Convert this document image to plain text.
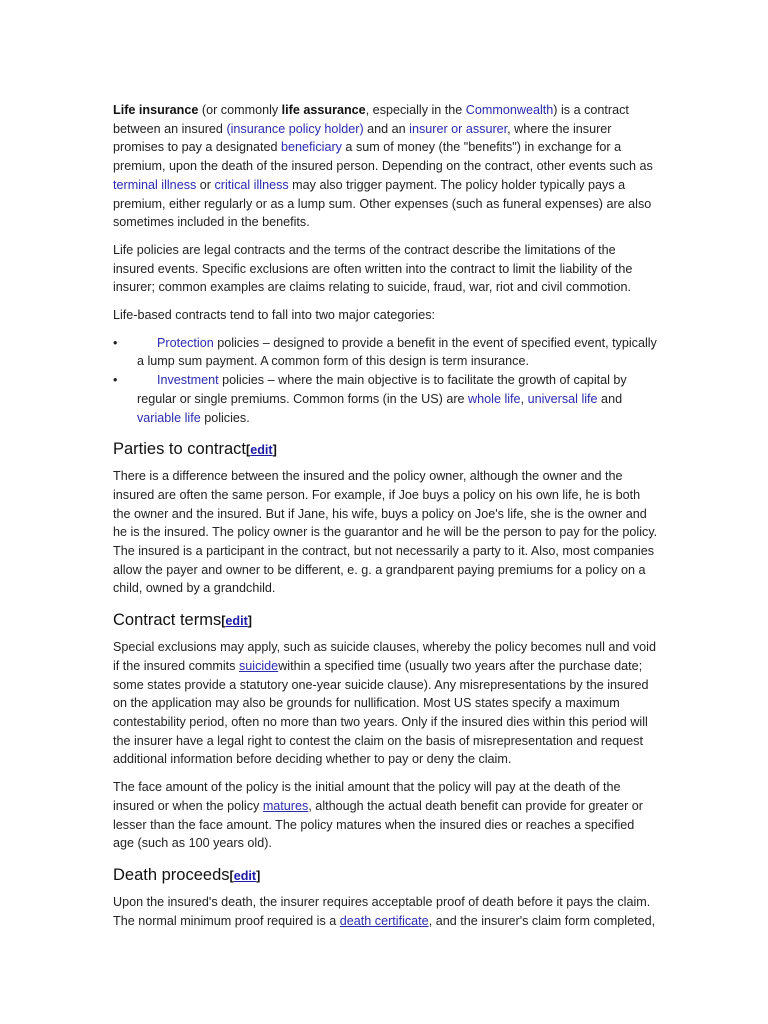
Life insurance (or commonly life assurance, especially in the Commonwealth) is a contract between an insured (insurance policy holder) and an insurer or assurer, where the insurer promises to pay a designated beneficiary a sum of money (the "benefits") in exchange for a premium, upon the death of the insured person. Depending on the contract, other events such as terminal illness or critical illness may also trigger payment. The policy holder typically pays a premium, either regularly or as a lump sum. Other expenses (such as funeral expenses) are also sometimes included in the benefits.

Life policies are legal contracts and the terms of the contract describe the limitations of the insured events. Specific exclusions are often written into the contract to limit the liability of the insurer; common examples are claims relating to suicide, fraud, war, riot and civil commotion.

Life-based contracts tend to fall into two major categories:

•	Protection policies – designed to provide a benefit in the event of specified event, typically a lump sum payment. A common form of this design is term insurance.
•	Investment policies – where the main objective is to facilitate the growth of capital by regular or single premiums. Common forms (in the US) are whole life, universal life and variable life policies.
Parties to contract[edit]

There is a difference between the insured and the policy owner, although the owner and the insured are often the same person. For example, if Joe buys a policy on his own life, he is both the owner and the insured. But if Jane, his wife, buys a policy on Joe's life, she is the owner and he is the insured. The policy owner is the guarantor and he will be the person to pay for the policy. The insured is a participant in the contract, but not necessarily a party to it. Also, most companies allow the payer and owner to be different, e. g. a grandparent paying premiums for a policy on a child, owned by a grandchild.

Contract terms[edit]

Special exclusions may apply, such as suicide clauses, whereby the policy becomes null and void if the insured commits suicidewithin a specified time (usually two years after the purchase date; some states provide a statutory one-year suicide clause). Any misrepresentations by the insured on the application may also be grounds for nullification. Most US states specify a maximum contestability period, often no more than two years. Only if the insured dies within this period will the insurer have a legal right to contest the claim on the basis of misrepresentation and request additional information before deciding whether to pay or deny the claim.

The face amount of the policy is the initial amount that the policy will pay at the death of the insured or when the policy matures, although the actual death benefit can provide for greater or lesser than the face amount. The policy matures when the insured dies or reaches a specified age (such as 100 years old).

Death proceeds[edit]

Upon the insured's death, the insurer requires acceptable proof of death before it pays the claim. The normal minimum proof required is a death certificate, and the insurer's claim form completed,
